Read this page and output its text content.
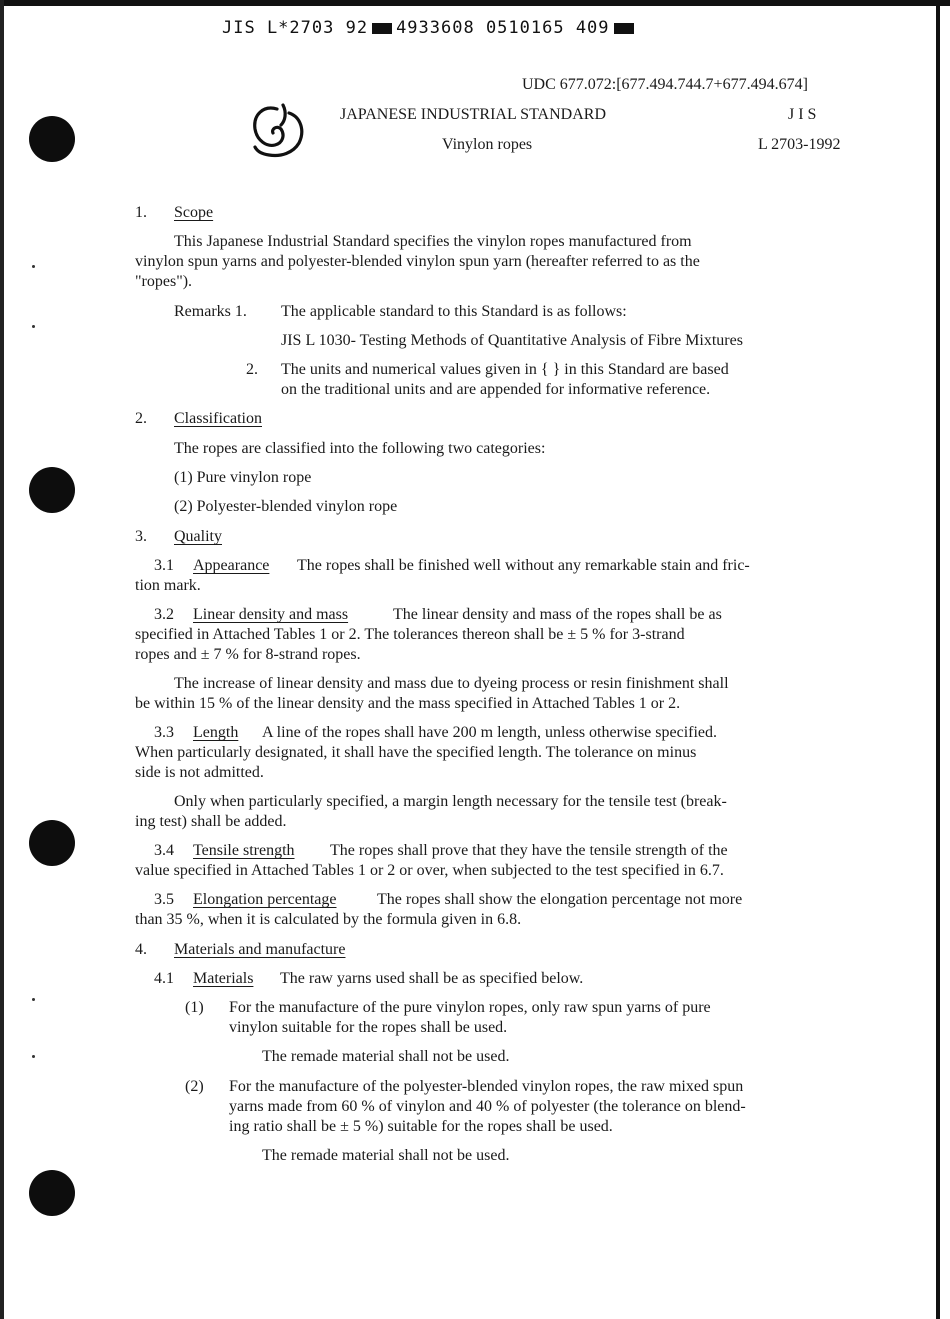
JIS L*2703 92 4933608 0510165 409
UDC 677.072:[677.494.744.7+677.494.674]
JAPANESE INDUSTRIAL STANDARD	J I S
Vinylon ropes	L 2703-1992
1. Scope
This Japanese Industrial Standard specifies the vinylon ropes manufactured from
vinylon spun yarns and polyester-blended vinylon spun yarn (hereafter referred to as the
"ropes").
Remarks 1. The applicable standard to this Standard is as follows:
JIS L 1030- Testing Methods of Quantitative Analysis of Fibre Mixtures
2. The units and numerical values given in { } in this Standard are based
on the traditional units and are appended for informative reference.
2. Classification
The ropes are classified into the following two categories:
(1) Pure vinylon rope
(2) Polyester-blended vinylon rope
3. Quality
3.1 Appearance The ropes shall be finished well without any remarkable stain and fric-
tion mark.
3.2 Linear density and mass	The linear density and mass of the ropes shall be as
specified in Attached Tables 1 or 2. The tolerances thereon shall be ± 5 % for 3-strand
ropes and ± 7 % for 8-strand ropes.
The increase of linear density and mass due to dyeing process or resin finishment shall
be within 15 % of the linear density and the mass specified in Attached Tables 1 or 2.
3.3 Length A line of the ropes shall have 200 m length, unless otherwise specified.
When particularly designated, it shall have the specified length. The tolerance on minus
side is not admitted.
Only when particularly specified, a margin length necessary for the tensile test (break-
ing test) shall be added.
3.4 Tensile strength The ropes shall prove that they have the tensile strength of the
value specified in Attached Tables 1 or 2 or over, when subjected to the test specified in 6.7.
3.5 Elongation percentage	The ropes shall show the elongation percentage not more
than 35 %, when it is calculated by the formula given in 6.8.
4. Materials and manufacture
4.1 Materials The raw yarns used shall be as specified below.
(1) For the manufacture of the pure vinylon ropes, only raw spun yarns of pure
vinylon suitable for the ropes shall be used.
The remade material shall not be used.
(2) For the manufacture of the polyester-blended vinylon ropes, the raw mixed spun
yarns made from 60 % of vinylon and 40 % of polyester (the tolerance on blend-
ing ratio shall be ± 5 %) suitable for the ropes shall be used.
The remade material shall not be used.
